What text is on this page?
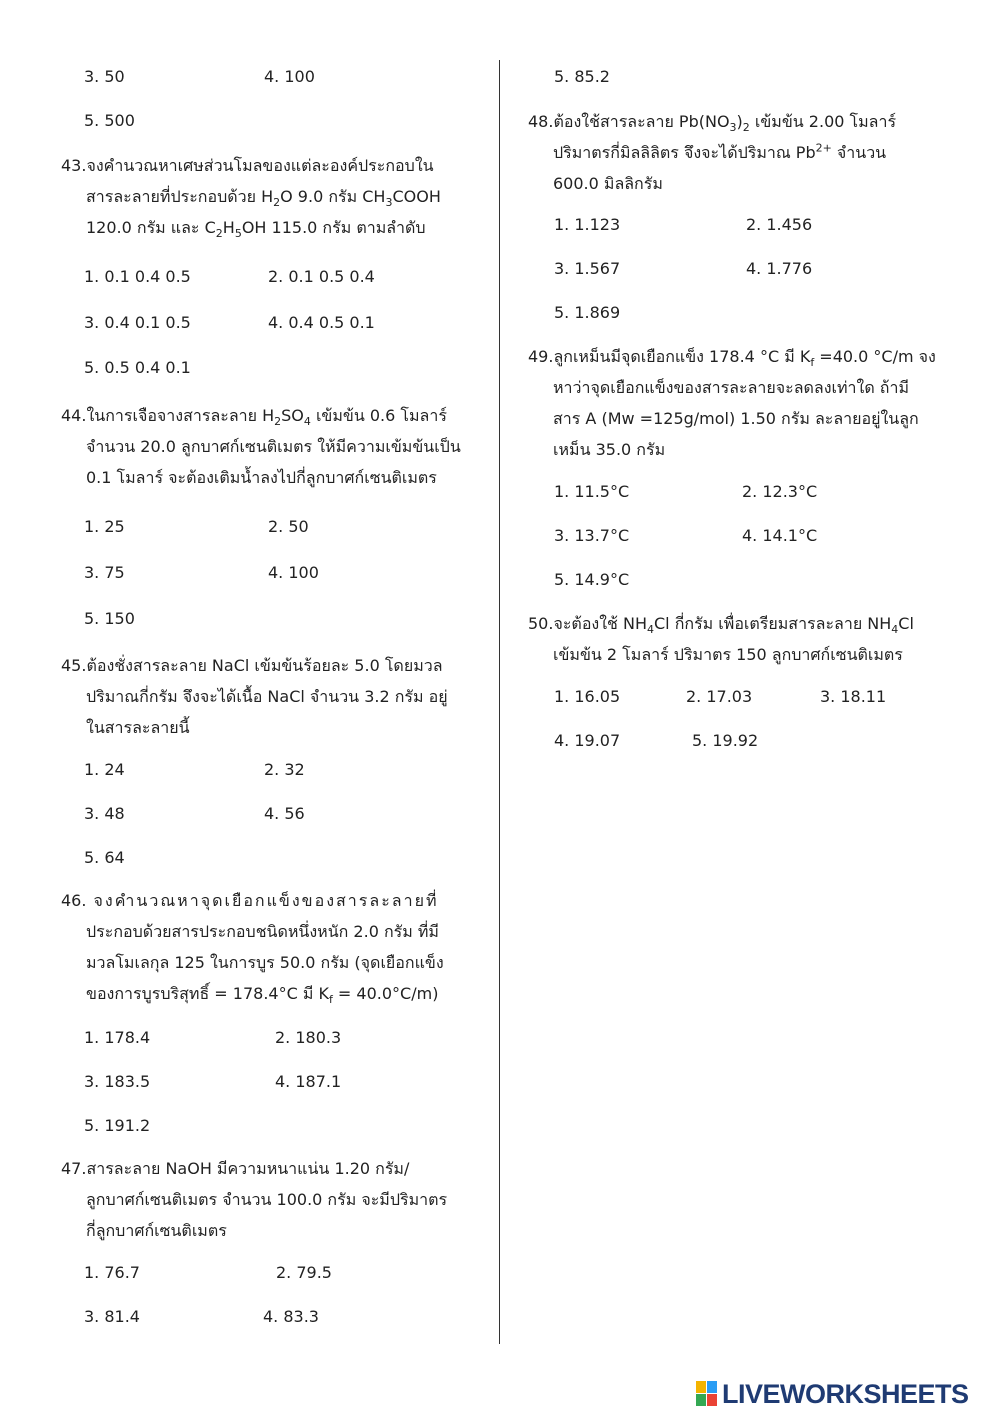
3. 50	4. 100
5. 500
43.จงคำนวณหาเศษส่วนโมลของแต่ละองค์ประกอบใน
สารละลายที่ประกอบด้วย $H_2O$ 9.0 กรัม $CH_3COOH$
120.0 กรัม และ $C_2H_5OH$ 115.0 กรัม ตามลำดับ
1. 0.1 0.4 0.5	2. 0.1 0.5 0.4
3. 0.4 0.1 0.5	4. 0.4 0.5 0.1
5. 0.5 0.4 0.1
44.ในการเจือจางสารละลาย $H_2SO_4$ เข้มข้น 0.6 โมลาร์
จำนวน 20.0 ลูกบาศก์เซนติเมตร ให้มีความเข้มข้นเป็น
0.1 โมลาร์ จะต้องเติมน้ำลงไปกี่ลูกบาศก์เซนติเมตร
1. 25	2. 50
3. 75	4. 100
5. 150
45.ต้องชั่งสารละลาย NaCl เข้มข้นร้อยละ 5.0 โดยมวล
ปริมาณกี่กรัม จึงจะได้เนื้อ NaCl จำนวน 3.2 กรัม อยู่
ในสารละลายนี้
1. 24	2. 32
3. 48	4. 56
5. 64
46. จงคำนวณหาจุดเยือกแข็งของสารละลายที่
ประกอบด้วยสารประกอบชนิดหนึ่งหนัก 2.0 กรัม ที่มี
มวลโมเลกุล 125 ในการบูร 50.0 กรัม (จุดเยือกแข็ง
ของการบูรบริสุทธิ์ = 178.4°C มี $K_f = 40.0^\circ C/m$)
1. 178.4	2. 180.3
3. 183.5	4. 187.1
5. 191.2
47.สารละลาย NaOH มีความหนาแน่น 1.20 กรัม/
ลูกบาศก์เซนติเมตร จำนวน 100.0 กรัม จะมีปริมาตร
กี่ลูกบาศก์เซนติเมตร
1. 76.7	2. 79.5
3. 81.4	4. 83.3
5. 85.2
48.ต้องใช้สารละลาย $Pb(NO_3)_2$ เข้มข้น 2.00 โมลาร์
ปริมาตรกี่มิลลิลิตร จึงจะได้ปริมาณ $Pb^{2+}$ จำนวน
600.0 มิลลิกรัม
1. 1.123	2. 1.456
3. 1.567	4. 1.776
5. 1.869
49.ลูกเหม็นมีจุดเยือกแข็ง 178.4 °C มี $K_f =40.0$ °C/m จง
หาว่าจุดเยือกแข็งของสารละลายจะลดลงเท่าใด ถ้ามี
สาร A (Mw =125g/mol) 1.50 กรัม ละลายอยู่ในลูก
เหม็น 35.0 กรัม
1. 11.5°C	2. 12.3°C
3. 13.7°C	4. 14.1°C
5. 14.9°C
50.จะต้องใช้ $NH_4Cl$ กี่กรัม เพื่อเตรียมสารละลาย $NH_4Cl$
เข้มข้น 2 โมลาร์ ปริมาตร 150 ลูกบาศก์เซนติเมตร
1. 16.05	2. 17.03	3. 18.11
4. 19.07	5. 19.92
LIVEWORKSHEETS
